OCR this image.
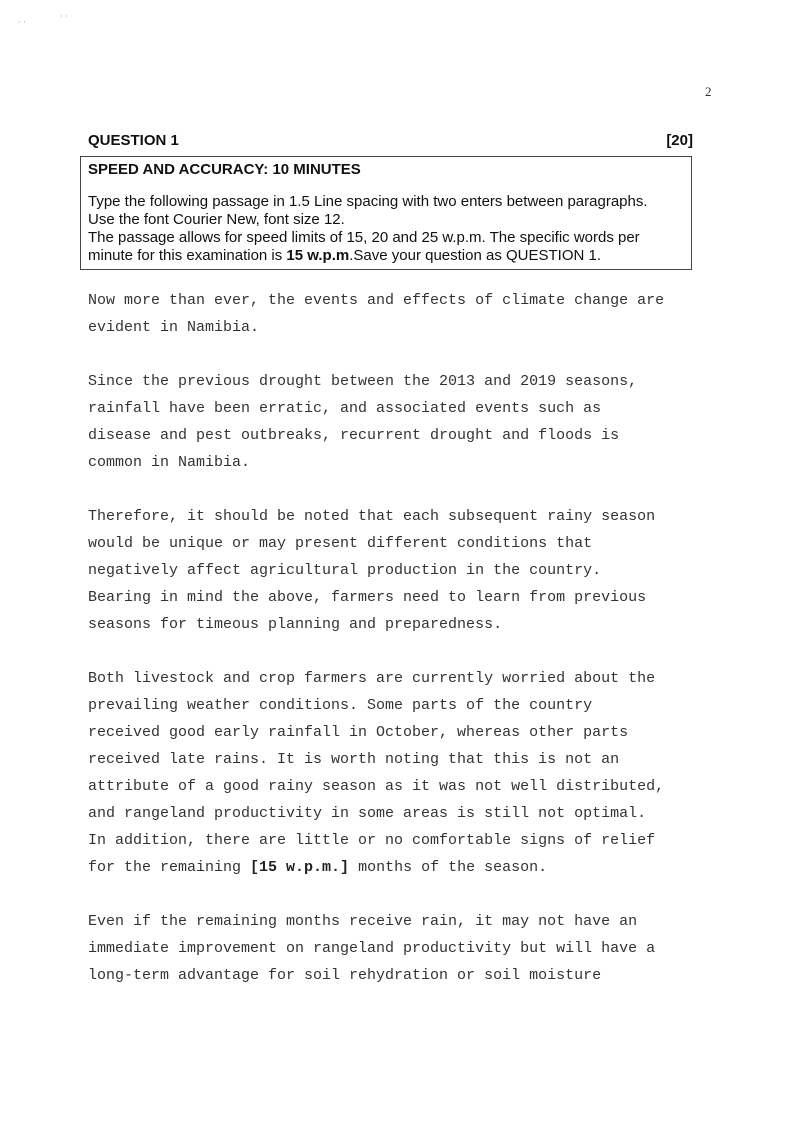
· ·
· ·
2
QUESTION 1	[20]
SPEED AND ACCURACY: 10 MINUTES
Type the following passage in 1.5 Line spacing with two enters between paragraphs.
Use the font Courier New, font size 12.
The passage allows for speed limits of 15, 20 and 25 w.p.m. The specific words per
minute for this examination is 15 w.p.m.Save your question as QUESTION 1.

Now more than ever, the events and effects of climate change are
evident in Namibia.

Since the previous drought between the 2013 and 2019 seasons,
rainfall have been erratic, and associated events such as
disease and pest outbreaks, recurrent drought and floods is
common in Namibia.

Therefore, it should be noted that each subsequent rainy season
would be unique or may present different conditions that
negatively affect agricultural production in the country.
Bearing in mind the above, farmers need to learn from previous
seasons for timeous planning and preparedness.

Both livestock and crop farmers are currently worried about the
prevailing weather conditions. Some parts of the country
received good early rainfall in October, whereas other parts
received late rains. It is worth noting that this is not an
attribute of a good rainy season as it was not well distributed,
and rangeland productivity in some areas is still not optimal.
In addition, there are little or no comfortable signs of relief
for the remaining [15 w.p.m.] months of the season.

Even if the remaining months receive rain, it may not have an
immediate improvement on rangeland productivity but will have a
long-term advantage for soil rehydration or soil moisture
